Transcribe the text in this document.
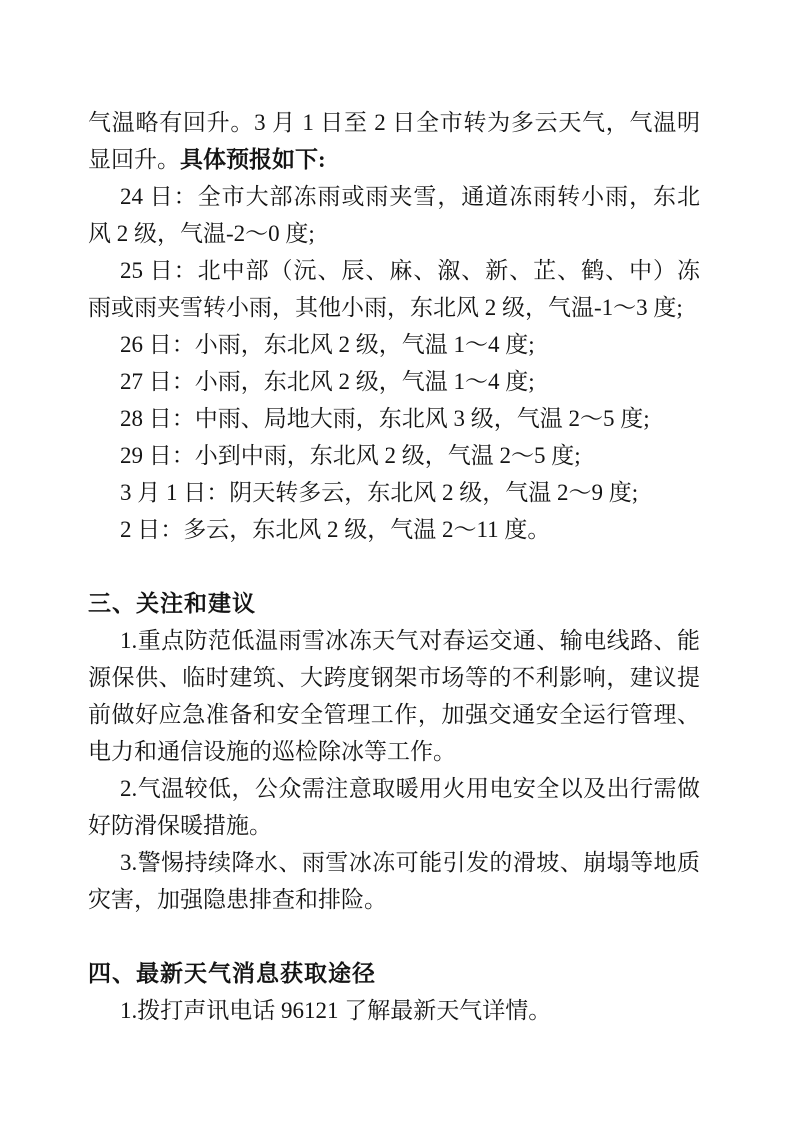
气温略有回升。3 月 1 日至 2 日全市转为多云天气，气温明显回升。具体预报如下:

24 日：全市大部冻雨或雨夹雪，通道冻雨转小雨，东北风 2 级，气温-2～0 度;

25 日：北中部（沅、辰、麻、溆、新、芷、鹤、中）冻雨或雨夹雪转小雨，其他小雨，东北风 2 级，气温-1～3 度;

26 日：小雨，东北风 2 级，气温 1～4 度;

27 日：小雨，东北风 2 级，气温 1～4 度;

28 日：中雨、局地大雨，东北风 3 级，气温 2～5 度;

29 日：小到中雨，东北风 2 级，气温 2～5 度;

3 月 1 日：阴天转多云，东北风 2 级，气温 2～9 度;

2 日：多云，东北风 2 级，气温 2～11 度。

三、关注和建议

1.重点防范低温雨雪冰冻天气对春运交通、输电线路、能源保供、临时建筑、大跨度钢架市场等的不利影响，建议提前做好应急准备和安全管理工作，加强交通安全运行管理、电力和通信设施的巡检除冰等工作。

2.气温较低，公众需注意取暖用火用电安全以及出行需做好防滑保暖措施。

3.警惕持续降水、雨雪冰冻可能引发的滑坡、崩塌等地质灾害，加强隐患排查和排险。

四、最新天气消息获取途径

1.拨打声讯电话 96121 了解最新天气详情。
